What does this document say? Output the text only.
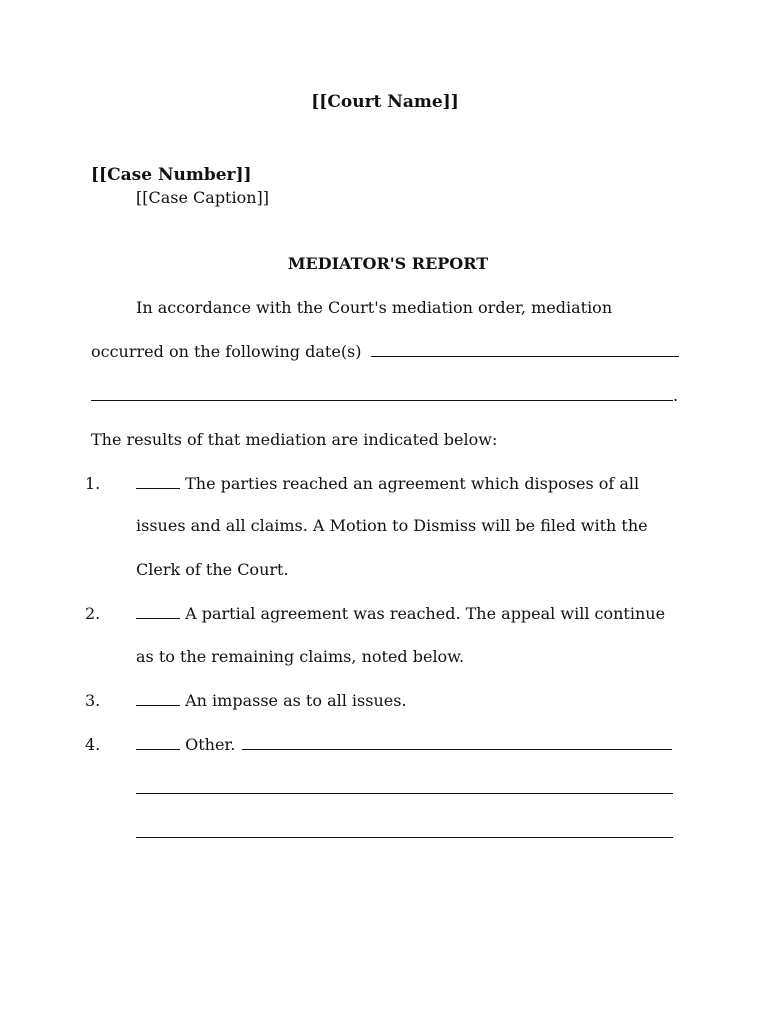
[[Court Name]]
[[Case Number]]
[[Case Caption]]
MEDIATOR'S REPORT
In accordance with the Court's mediation order, mediation
occurred on the following date(s)
.
The results of that mediation are indicated below:
1.	The parties reached an agreement which disposes of all
issues and all claims. A Motion to Dismiss will be filed with the
Clerk of the Court.
2.	A partial agreement was reached. The appeal will continue
as to the remaining claims, noted below.
3.	An impasse as to all issues.
4.	Other.
